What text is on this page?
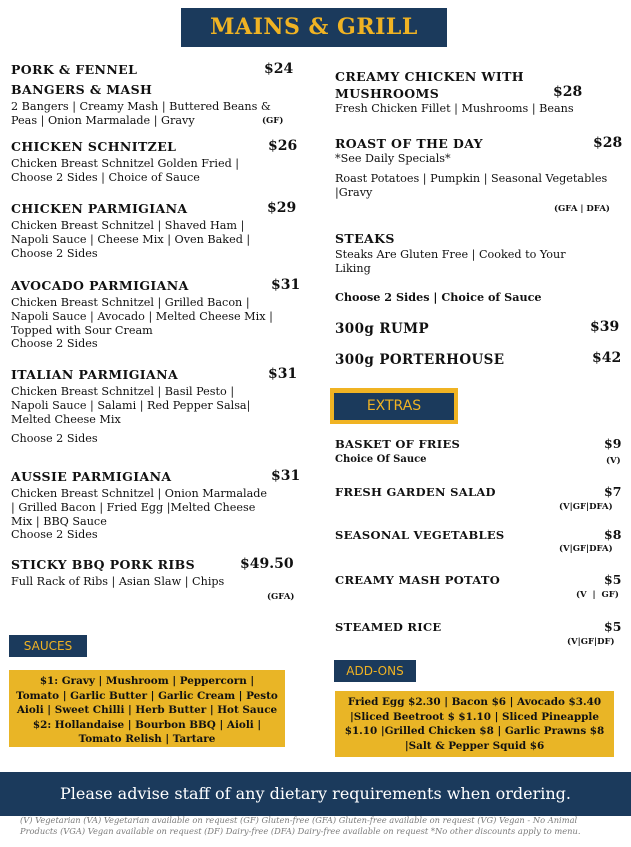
MAINS & GRILL
PORK & FENNEL
BANGERS & MASH
$24
2 Bangers | Creamy Mash | Buttered Beans &
Peas | Onion Marmalade | Gravy	(GF)
CHICKEN SCHNITZEL	$26
Chicken Breast Schnitzel Golden Fried |
Choose 2 Sides | Choice of Sauce
CHICKEN PARMIGIANA	$29
Chicken Breast Schnitzel | Shaved Ham |
Napoli Sauce | Cheese Mix | Oven Baked |
Choose 2 Sides
AVOCADO PARMIGIANA	$31
Chicken Breast Schnitzel | Grilled Bacon |
Napoli Sauce | Avocado | Melted Cheese Mix |
Topped with Sour Cream
Choose 2 Sides
ITALIAN PARMIGIANA	$31
Chicken Breast Schnitzel | Basil Pesto |
Napoli Sauce | Salami | Red Pepper Salsa|
Melted Cheese Mix
Choose 2 Sides
AUSSIE PARMIGIANA	$31
Chicken Breast Schnitzel | Onion Marmalade
| Grilled Bacon | Fried Egg |Melted Cheese
Mix | BBQ Sauce
Choose 2 Sides
STICKY BBQ PORK RIBS	$49.50
Full Rack of Ribs | Asian Slaw | Chips
(GFA)
CREAMY CHICKEN WITH
MUSHROOMS	$28
Fresh Chicken Fillet | Mushrooms | Beans
ROAST OF THE DAY	$28
*See Daily Specials*
Roast Potatoes | Pumpkin | Seasonal Vegetables
|Gravy
(GFA | DFA)
STEAKS
Steaks Are Gluten Free | Cooked to Your
Liking
Choose 2 Sides | Choice of Sauce
300g RUMP	$39
300g PORTERHOUSE	$42
EXTRAS
BASKET OF FRIES	$9
Choice Of Sauce	(V)
FRESH GARDEN SALAD	$7
(V|GF|DFA)
SEASONAL VEGETABLES	$8
(V|GF|DFA)
CREAMY MASH POTATO	$5
(V  |  GF)
STEAMED RICE	$5
(V|GF|DF)
SAUCES
$1: Gravy | Mushroom | Peppercorn |
Tomato | Garlic Butter | Garlic Cream | Pesto
Aioli | Sweet Chilli | Herb Butter | Hot Sauce
$2: Hollandaise | Bourbon BBQ | Aioli |
Tomato Relish | Tartare
ADD-ONS
Fried Egg $2.30 | Bacon $6 | Avocado $3.40
|Sliced Beetroot $ $1.10 | Sliced Pineapple
$1.10 |Grilled Chicken $8 | Garlic Prawns $8
|Salt & Pepper Squid $6
Please advise staff of any dietary requirements when ordering.
(V) Vegetarian (VA) Vegetarian available on request (GF) Gluten-free (GFA) Gluten-free available on request (VG) Vegan - No Animal
Products (VGA) Vegan available on request (DF) Dairy-free (DFA) Dairy-free available on request *No other discounts apply to menu.
